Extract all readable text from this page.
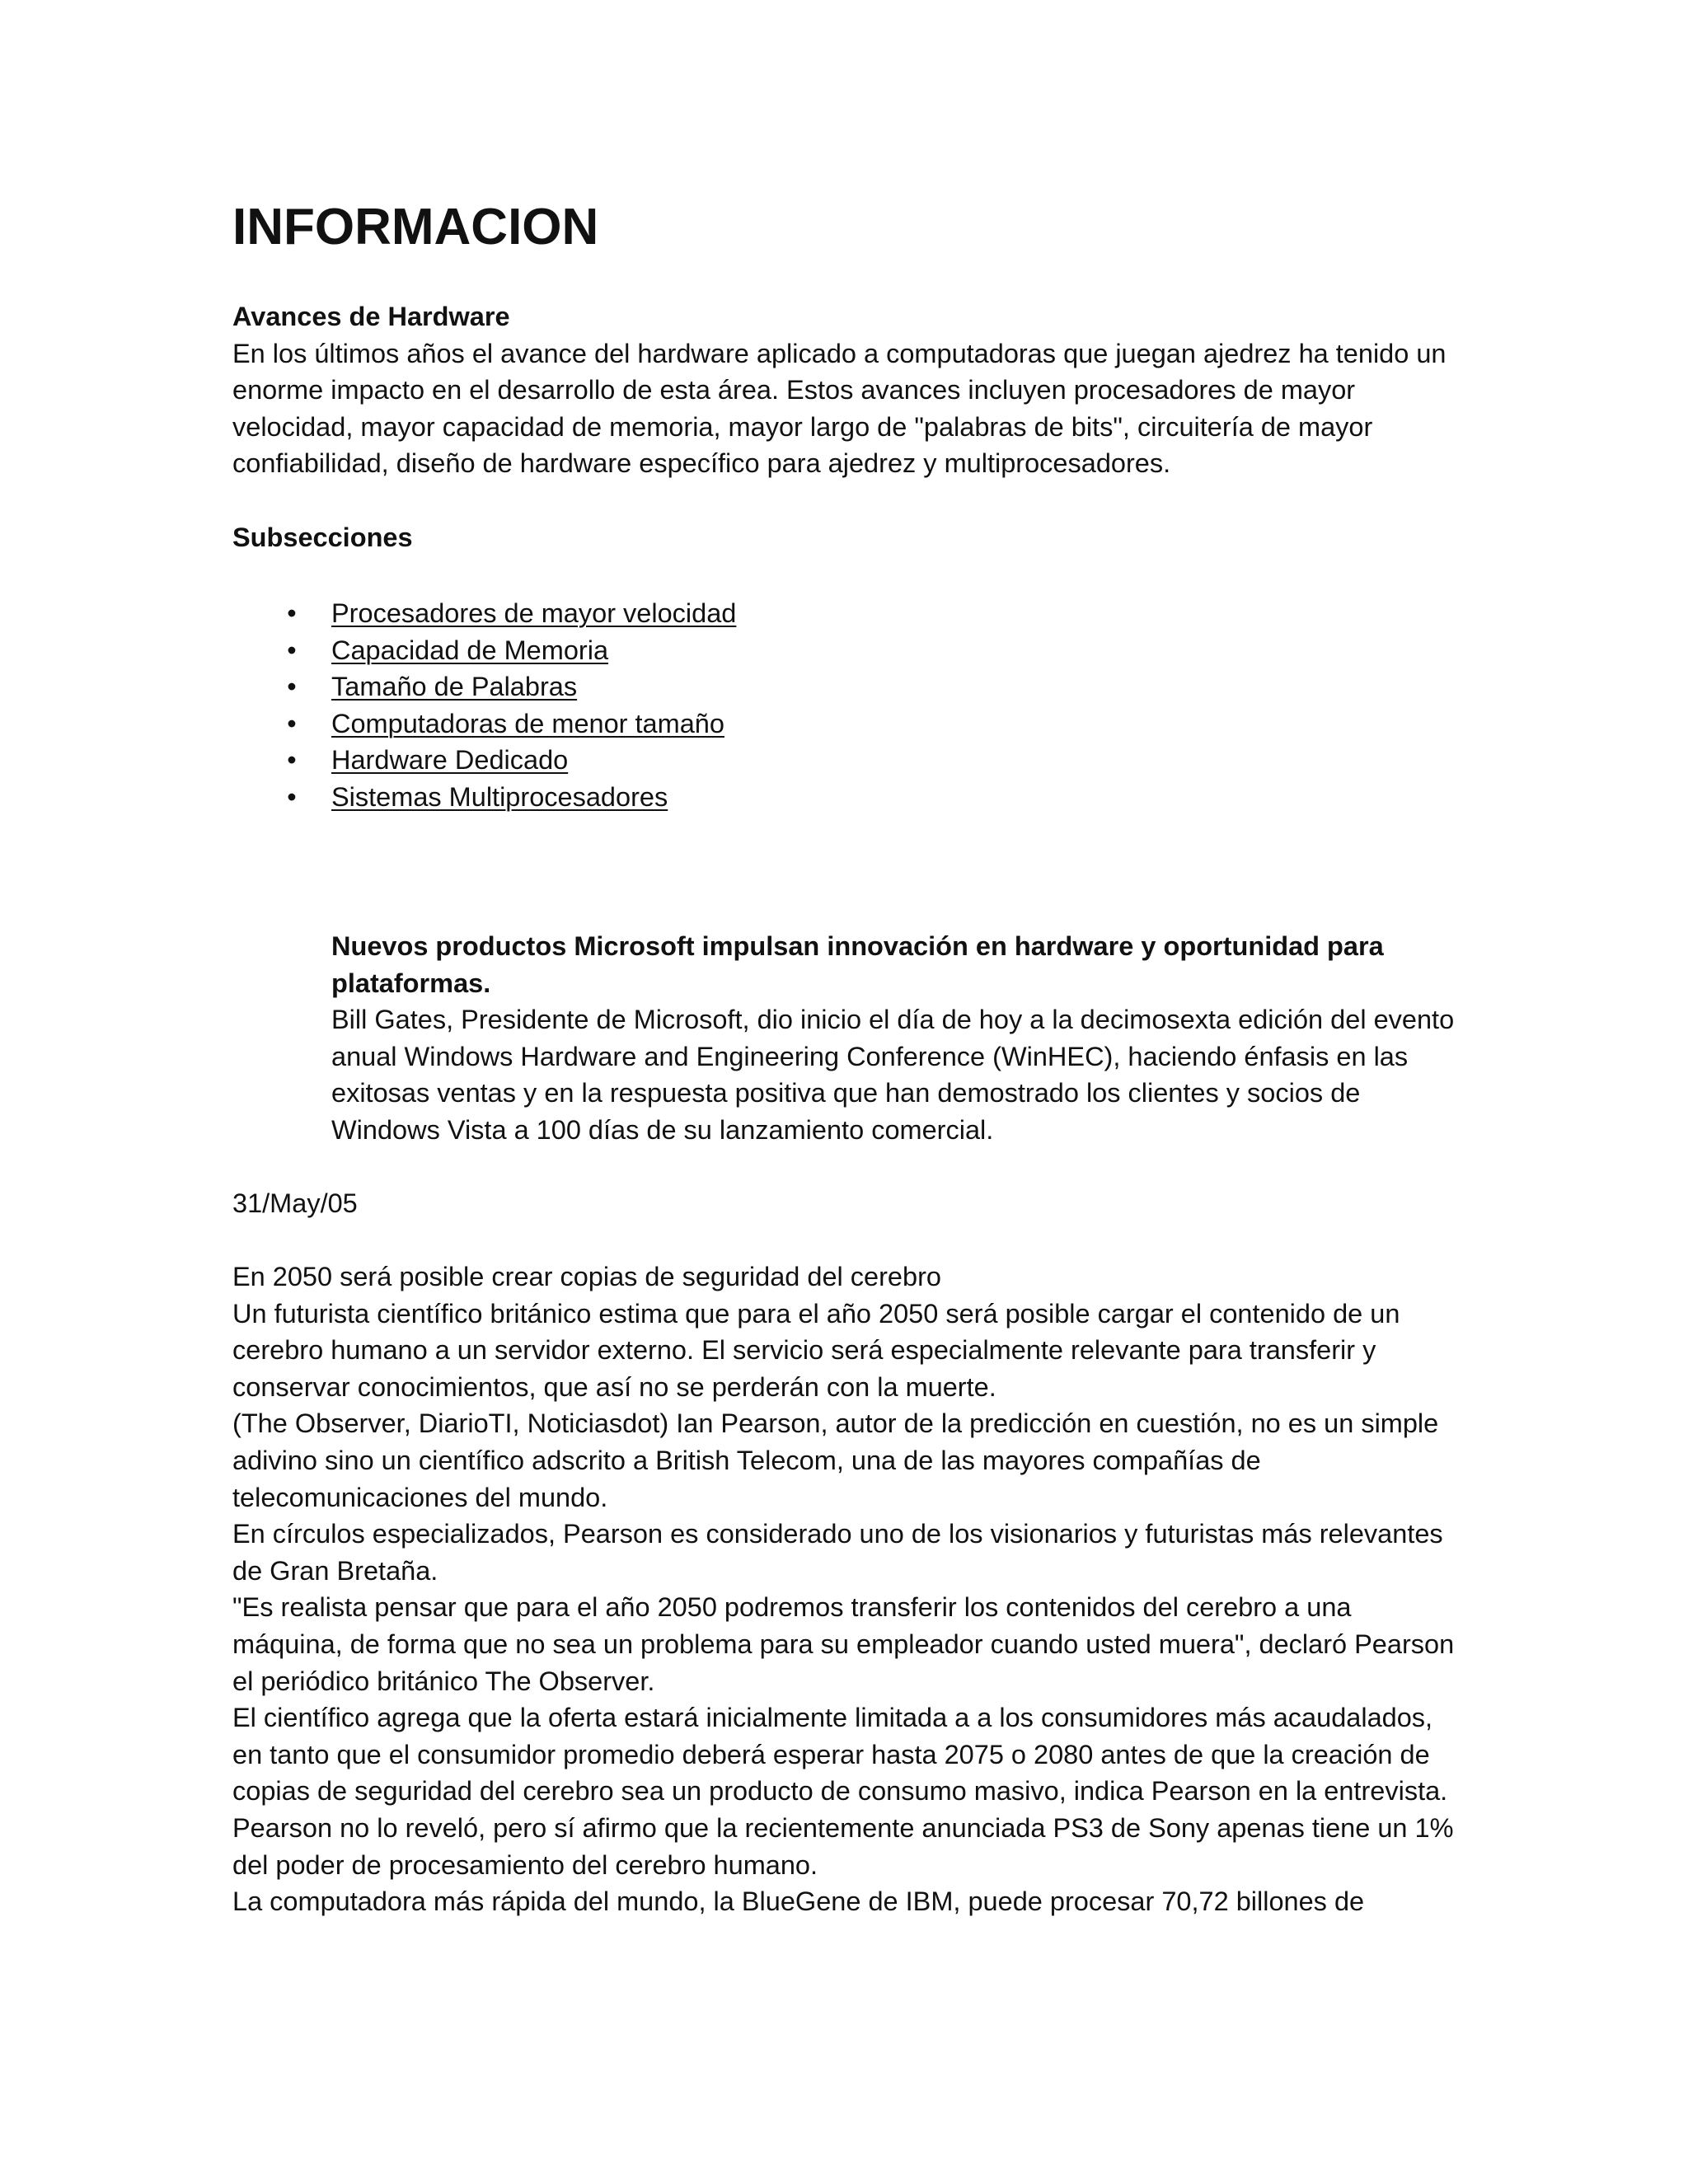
INFORMACION

Avances de Hardware

En los últimos años el avance del hardware aplicado a computadoras que juegan ajedrez ha tenido un enorme impacto en el desarrollo de esta área. Estos avances incluyen procesadores de mayor velocidad, mayor capacidad de memoria, mayor largo de "palabras de bits", circuitería de mayor confiabilidad, diseño de hardware específico para ajedrez y multiprocesadores.

Subsecciones

• Procesadores de mayor velocidad
• Capacidad de Memoria
• Tamaño de Palabras
• Computadoras de menor tamaño
• Hardware Dedicado
• Sistemas Multiprocesadores

Nuevos productos Microsoft impulsan innovación en hardware y oportunidad para plataformas.

Bill Gates, Presidente de Microsoft, dio inicio el día de hoy a la decimosexta edición del evento anual Windows Hardware and Engineering Conference (WinHEC), haciendo énfasis en las exitosas ventas y en la respuesta positiva que han demostrado los clientes y socios de Windows Vista a 100 días de su lanzamiento comercial.

31/May/05

En 2050 será posible crear copias de seguridad del cerebro

Un futurista científico británico estima que para el año 2050 será posible cargar el contenido de un cerebro humano a un servidor externo. El servicio será especialmente relevante para transferir y conservar conocimientos, que así no se perderán con la muerte.

(The Observer, DiarioTI, Noticiasdot) Ian Pearson, autor de la predicción en cuestión, no es un simple adivino sino un científico adscrito a British Telecom, una de las mayores compañías de telecomunicaciones del mundo.

En círculos especializados, Pearson es considerado uno de los visionarios y futuristas más relevantes de Gran Bretaña.

"Es realista pensar que para el año 2050 podremos transferir los contenidos del cerebro a una máquina, de forma que no sea un problema para su empleador cuando usted muera", declaró Pearson el periódico británico The Observer.

El científico agrega que la oferta estará inicialmente limitada a a los consumidores más acaudalados, en tanto que el consumidor promedio deberá esperar hasta 2075 o 2080 antes de que la creación de copias de seguridad del cerebro sea un producto de consumo masivo, indica Pearson en la entrevista.

Pearson no lo reveló, pero sí afirmo que la recientemente anunciada PS3 de Sony apenas tiene un 1% del poder de procesamiento del cerebro humano.

La computadora más rápida del mundo, la BlueGene de IBM, puede procesar 70,72 billones de
